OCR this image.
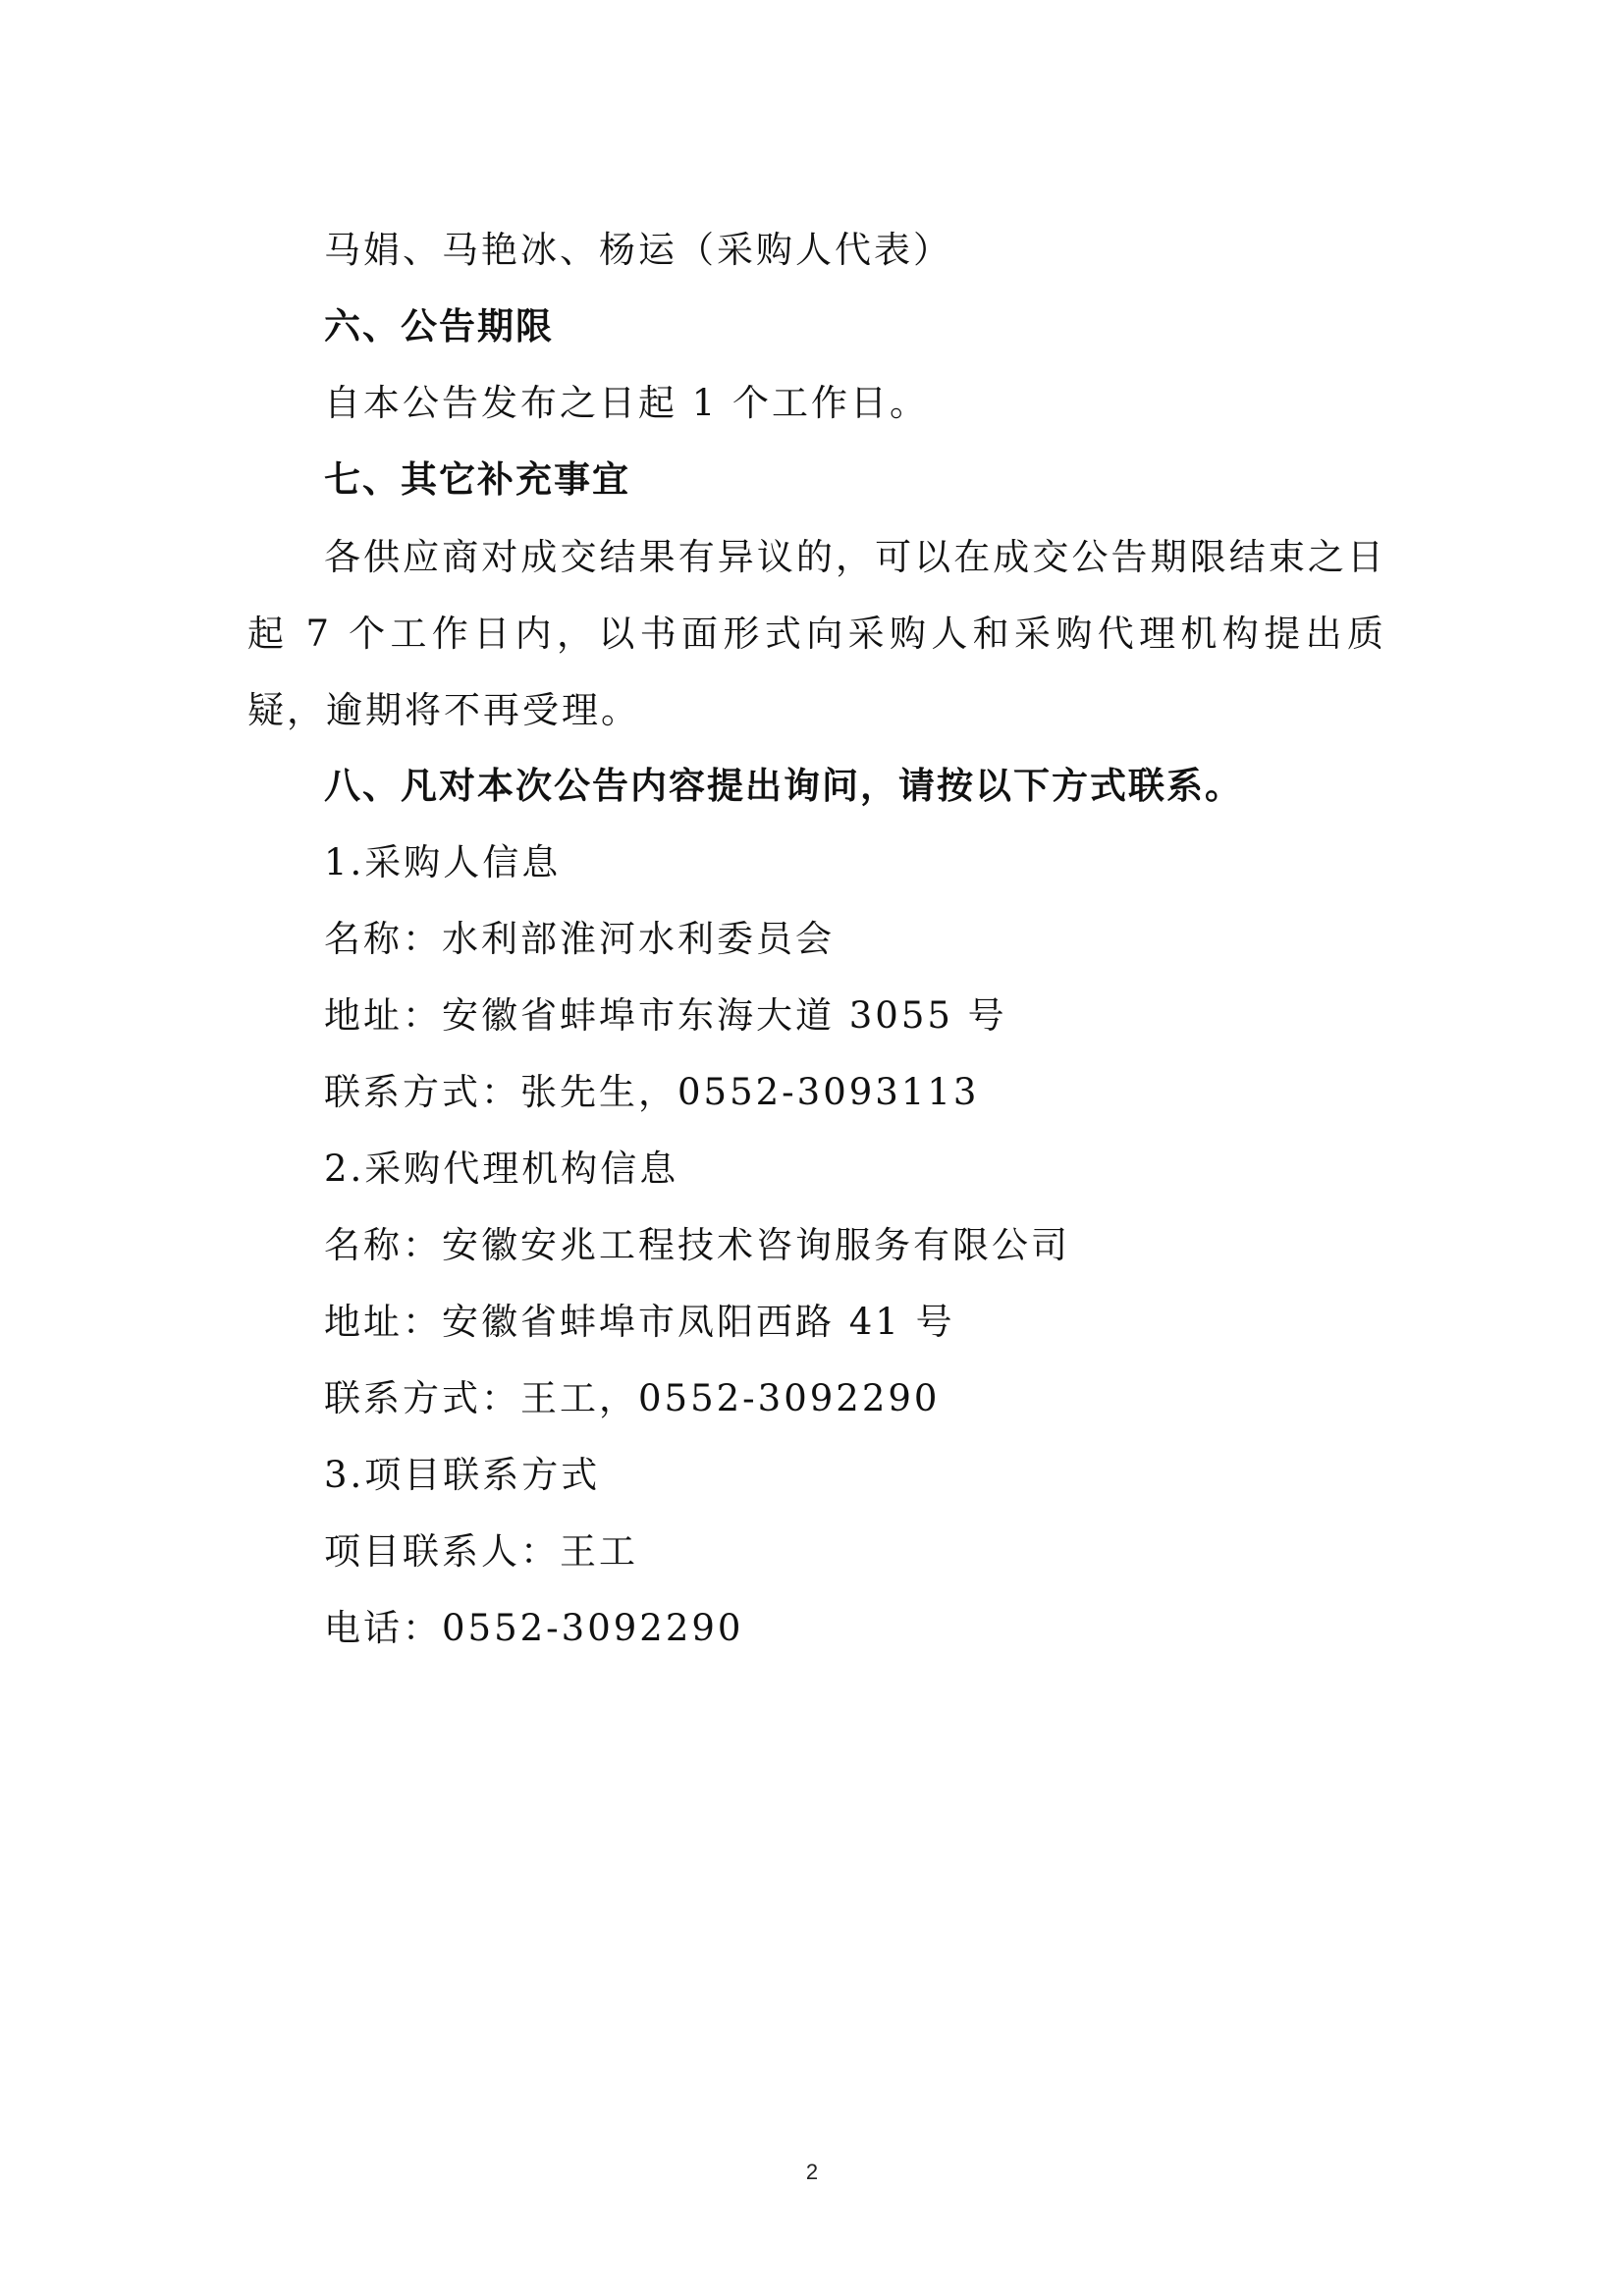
马娟、马艳冰、杨运（采购人代表）
六、公告期限
自本公告发布之日起 1 个工作日。
七、其它补充事宜
各供应商对成交结果有异议的，可以在成交公告期限结束之日起 7 个工作日内，以书面形式向采购人和采购代理机构提出质疑，逾期将不再受理。
八、凡对本次公告内容提出询问，请按以下方式联系。
1.采购人信息
名称：水利部淮河水利委员会
地址：安徽省蚌埠市东海大道 3055 号
联系方式：张先生，0552-3093113
2.采购代理机构信息
名称：安徽安兆工程技术咨询服务有限公司
地址：安徽省蚌埠市凤阳西路 41 号
联系方式：王工，0552-3092290
3.项目联系方式
项目联系人：王工
电话：0552-3092290
2
